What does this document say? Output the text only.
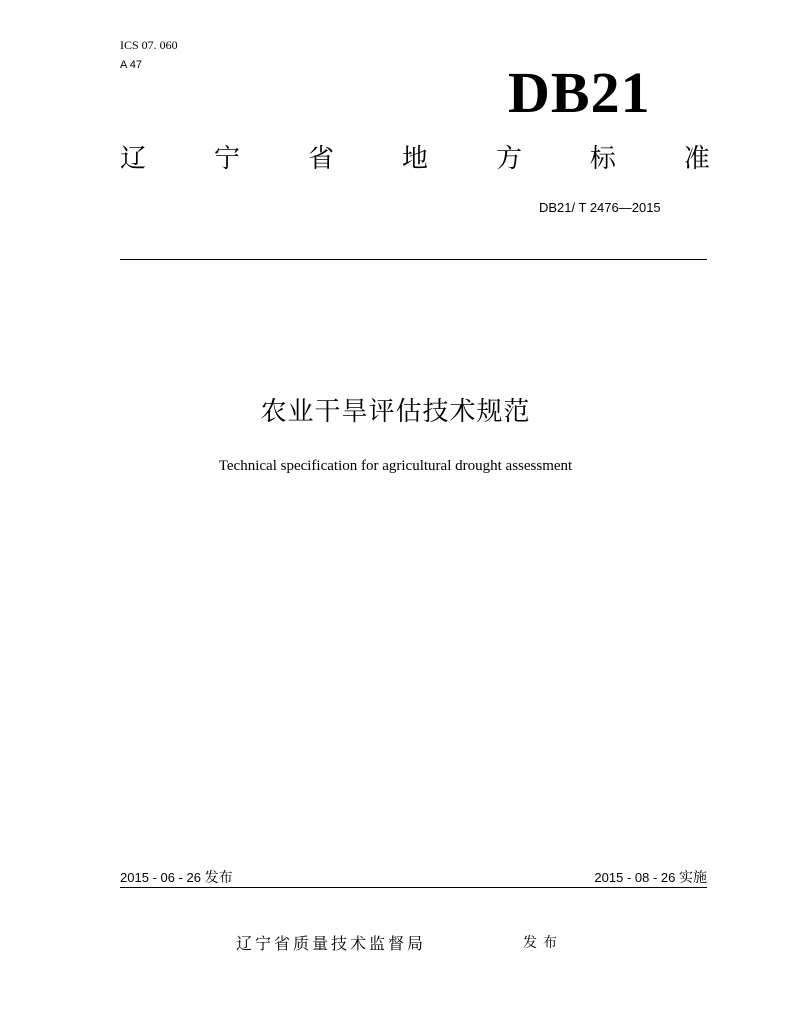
ICS 07. 060
A 47	DB21
辽	宁	省	地	方	标	准
DB21/ T 2476—2015
农业干旱评估技术规范
Technical specification for agricultural drought assessment
2015 - 06 - 26 发布	2015 - 08 - 26 实施
辽宁省质量技术监督局	发布
